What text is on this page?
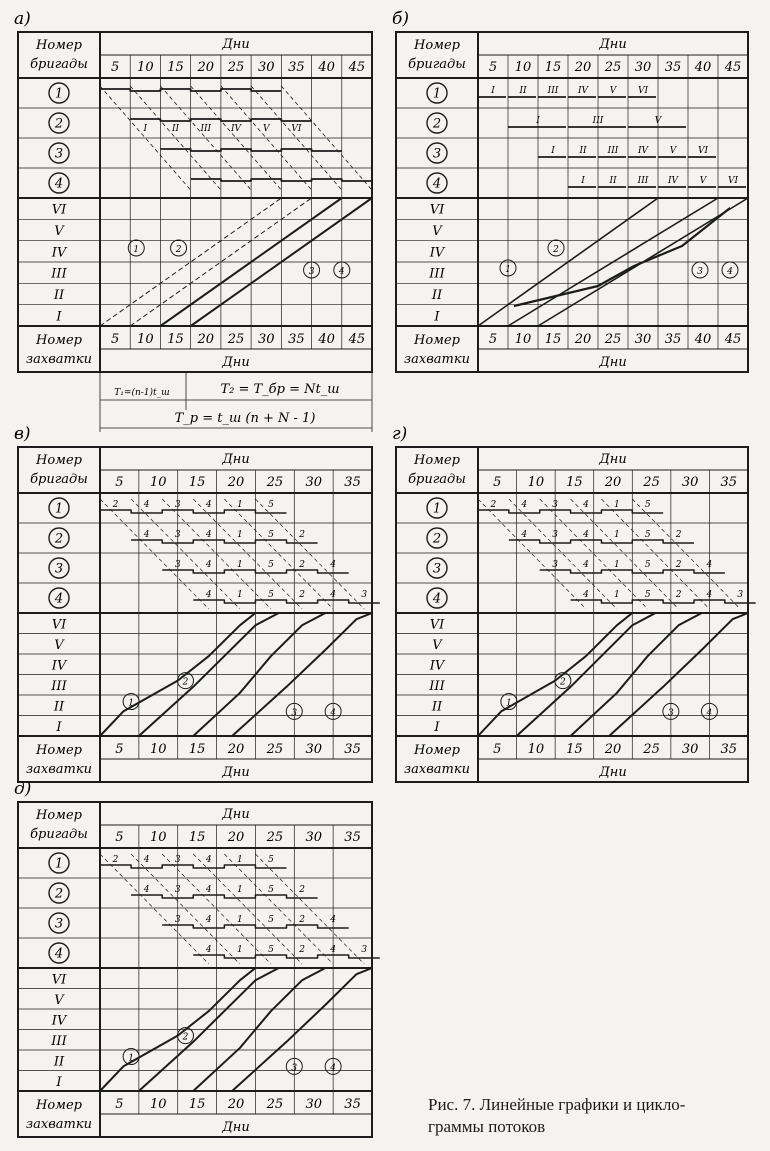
а)
Номер
бригады
Дни
Номер
захватки	Дни
5 10 15 20 25 30 35 40 45
5 10 15 20 25 30 35 40 45
1
2
3
4
VI
V
IV
III
II
I
I	II III IV V VI
1	2
3	4
б)
Номер
бригады
Дни
Номер
захватки	Дни
5 10 15 20 25 30 35 40 45
5 10 15 20 25 30 35 40 45
1
2
3
4
VI
V
IV
III
II
I
I	II III IV V VI
I	III	V
I	II III IV V VI
I	II III IV V VI
1
2
3	4
в)
Номер
бригады
Дни
Номер
захватки	Дни
5 10 15 20 25 30 35
5 10 15 20 25 30 35
1
2
3
4
VI
V
IV
III
II
I
2	4	3	4	1	5
4	3	4	1	5	2
3	4	1	5	2	4
4	1	5	2	4	3
1
2
3	4
г)
Номер
бригады
Дни
Номер
захватки	Дни
5 10 15 20 25 30 35
5 10 15 20 25 30 35
1
2
3
4
VI
V
IV
III
II
I
2	4	3	4	1	5
4	3	4	1	5	2
3	4	1	5	2	4
4	1	5	2	4	3
1
2
3	4
д)
Номер
бригады
Дни
Номер
захватки	Дни
5 10 15 20 25 30 35
5 10 15 20 25 30 35
1
2
3
4
VI
V
IV
III
II
I
2	4	3	4	1	5
4	3	4	1	5	2
3	4	1	5	2	4
4	1	5	2	4	3
1
2
3	4
T₁=(n-1)t_ш	T₂ = T_бр = Nt_ш
T_р = t_ш (n + N - 1)
Рис. 7. Линейные графики и цикло-
граммы потоков
